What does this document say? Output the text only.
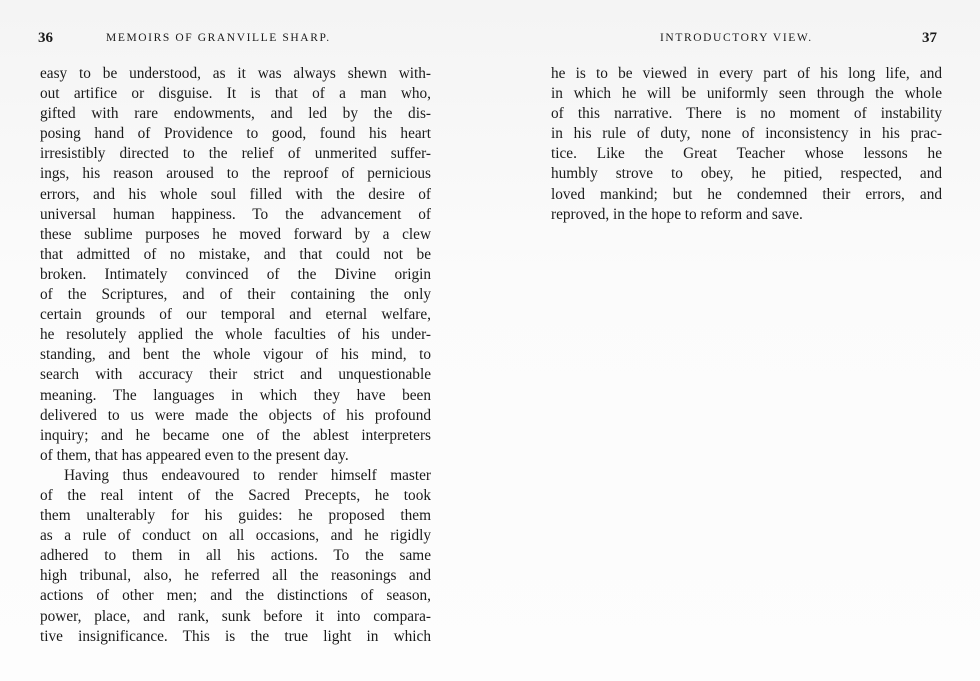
36	MEMOIRS OF GRANVILLE SHARP.	INTRODUCTORY VIEW.	37
easy to be understood, as it was always shewn with-
out artifice or disguise. It is that of a man who,
gifted with rare endowments, and led by the dis-
posing hand of Providence to good, found his heart
irresistibly directed to the relief of unmerited suffer-
ings, his reason aroused to the reproof of pernicious
errors, and his whole soul filled with the desire of
universal human happiness. To the advancement of
these sublime purposes he moved forward by a clew
that admitted of no mistake, and that could not be
broken. Intimately convinced of the Divine origin
of the Scriptures, and of their containing the only
certain grounds of our temporal and eternal welfare,
he resolutely applied the whole faculties of his under-
standing, and bent the whole vigour of his mind, to
search with accuracy their strict and unquestionable
meaning. The languages in which they have been
delivered to us were made the objects of his profound
inquiry; and he became one of the ablest interpreters
of them, that has appeared even to the present day.
Having thus endeavoured to render himself master
of the real intent of the Sacred Precepts, he took
them unalterably for his guides: he proposed them
as a rule of conduct on all occasions, and he rigidly
adhered to them in all his actions. To the same
high tribunal, also, he referred all the reasonings and
actions of other men; and the distinctions of season,
power, place, and rank, sunk before it into compara-
tive insignificance. This is the true light in which
he is to be viewed in every part of his long life, and
in which he will be uniformly seen through the whole
of this narrative. There is no moment of instability
in his rule of duty, none of inconsistency in his prac-
tice. Like the Great Teacher whose lessons he
humbly strove to obey, he pitied, respected, and
loved mankind; but he condemned their errors, and
reproved, in the hope to reform and save.
